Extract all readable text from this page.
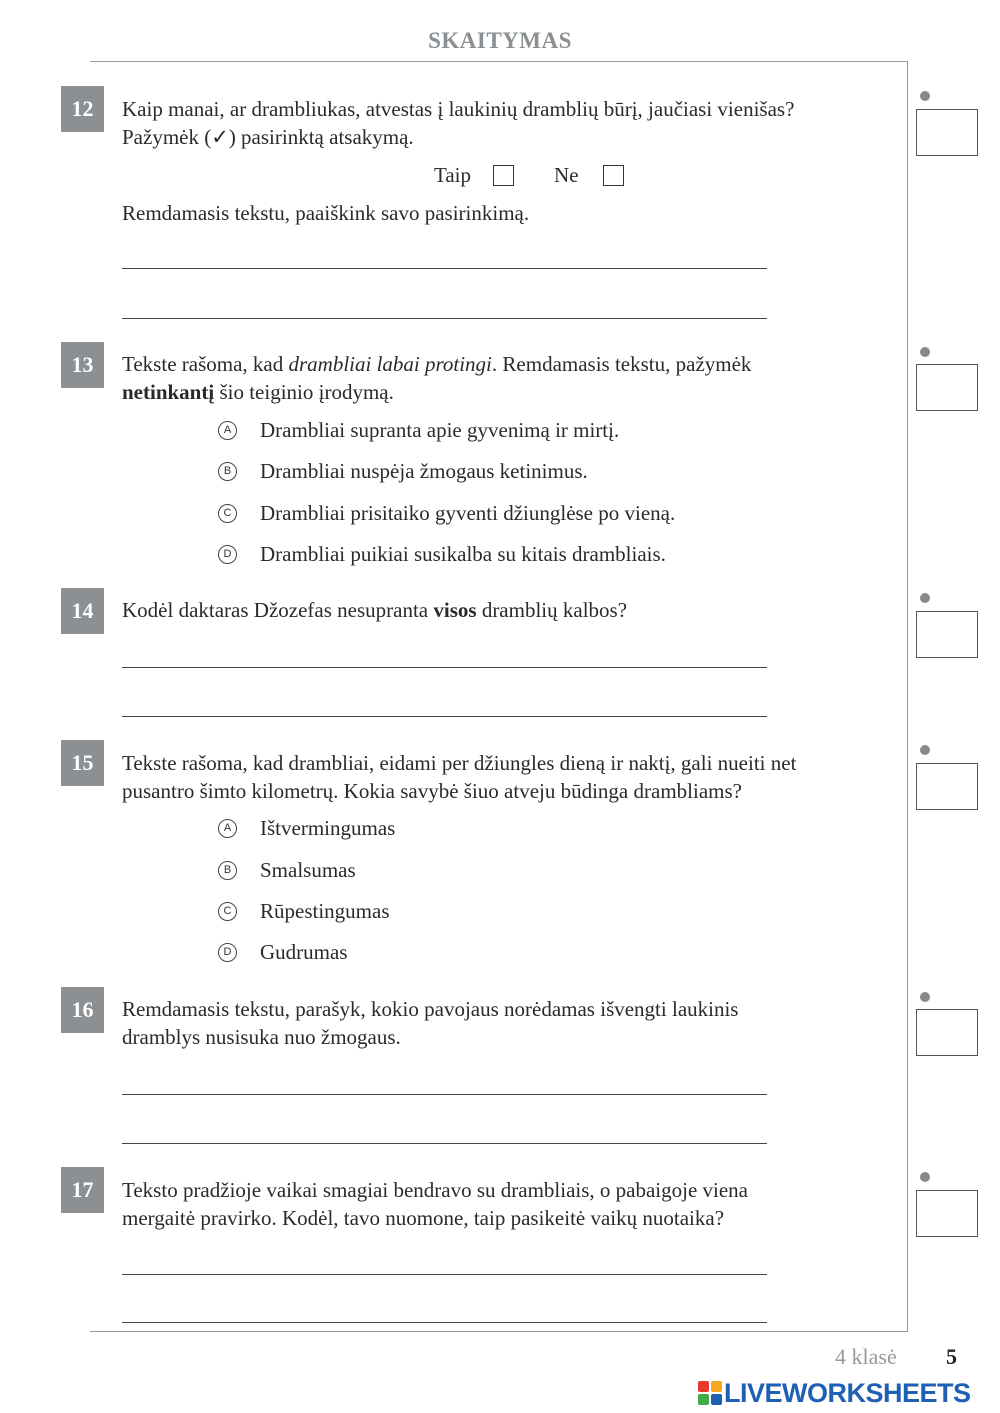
SKAITYMAS
12	Kaip manai, ar drambliukas, atvestas į laukinių dramblių būrį, jaučiasi vienišas?
Pažymėk (✓) pasirinktą atsakymą.
Taip	Ne
Remdamasis tekstu, paaiškink savo pasirinkimą.
13	Tekste rašoma, kad drambliai labai protingi. Remdamasis tekstu, pažymėk
netinkantį šio teiginio įrodymą.
A Drambliai supranta apie gyvenimą ir mirtį.
B Drambliai nuspėja žmogaus ketinimus.
C Drambliai prisitaiko gyventi džiunglėse po vieną.
D Drambliai puikiai susikalba su kitais drambliais.
14	Kodėl daktaras Džozefas nesupranta visos dramblių kalbos?
15	Tekste rašoma, kad drambliai, eidami per džiungles dieną ir naktį, gali nueiti net
pusantro šimto kilometrų. Kokia savybė šiuo atveju būdinga drambliams?
A Ištvermingumas
B Smalsumas
C Rūpestingumas
D Gudrumas
16	Remdamasis tekstu, parašyk, kokio pavojaus norėdamas išvengti laukinis
dramblys nusisuka nuo žmogaus.
17	Teksto pradžioje vaikai smagiai bendravo su drambliais, o pabaigoje viena
mergaitė pravirko. Kodėl, tavo nuomone, taip pasikeitė vaikų nuotaika?
4 klasė 5
LIVEWORKSHEETS
